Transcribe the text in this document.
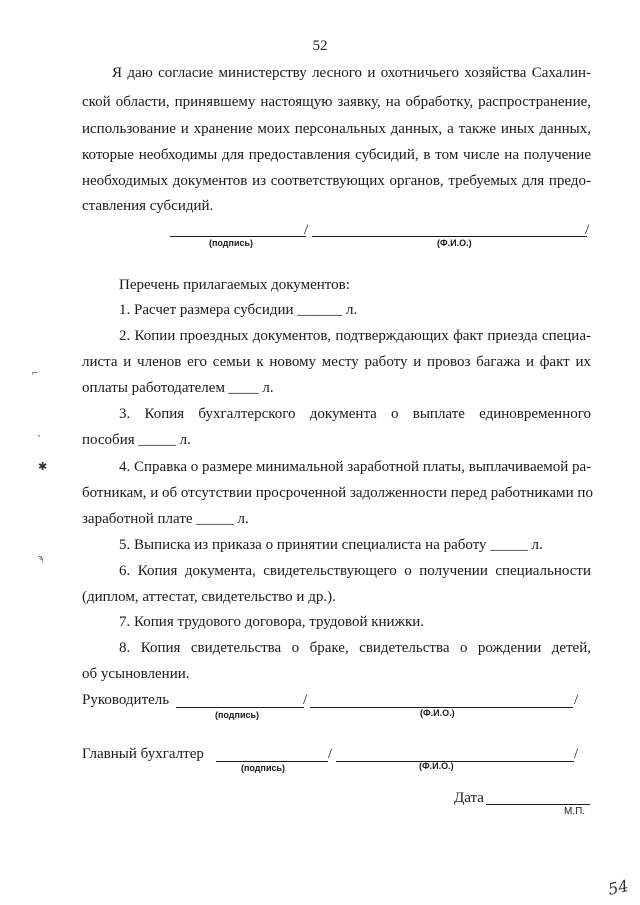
52
Я даю согласие министерству лесного и охотничьего хозяйства Сахалин-
ской области, принявшему настоящую заявку, на обработку, распространение,
использование и хранение моих персональных данных, а также иных данных,
которые необходимы для предоставления субсидий, в том числе на получение
необходимых документов из соответствующих органов, требуемых для предо-
ставления субсидий.
/	/
(подпись)	(Ф.И.О.)
Перечень прилагаемых документов:
1. Расчет размера субсидии ______ л.
2. Копии проездных документов, подтверждающих факт приезда специа-
листа и членов его семьи к новому месту работу и провоз багажа и факт их
оплаты работодателем ____ л.
3. Копия бухгалтерского документа о выплате единовременного
пособия _____ л.
4. Справка о размере минимальной заработной платы, выплачиваемой ра-
ботникам, и об отсутствии просроченной задолженности перед работниками по
заработной плате _____ л.
5. Выписка из приказа о принятии специалиста на работу _____ л.
6. Копия документа, свидетельствующего о получении специальности
(диплом, аттестат, свидетельство и др.).
7. Копия трудового договора, трудовой книжки.
8. Копия свидетельства о браке, свидетельства о рождении детей,
об усыновлении.
Руководитель	/	/
(подпись)	(Ф.И.О.)
Главный бухгалтер	/	/
(подпись)	(Ф.И.О.)
Дата
М.П.
⌐
•
✱
ϡ
54
